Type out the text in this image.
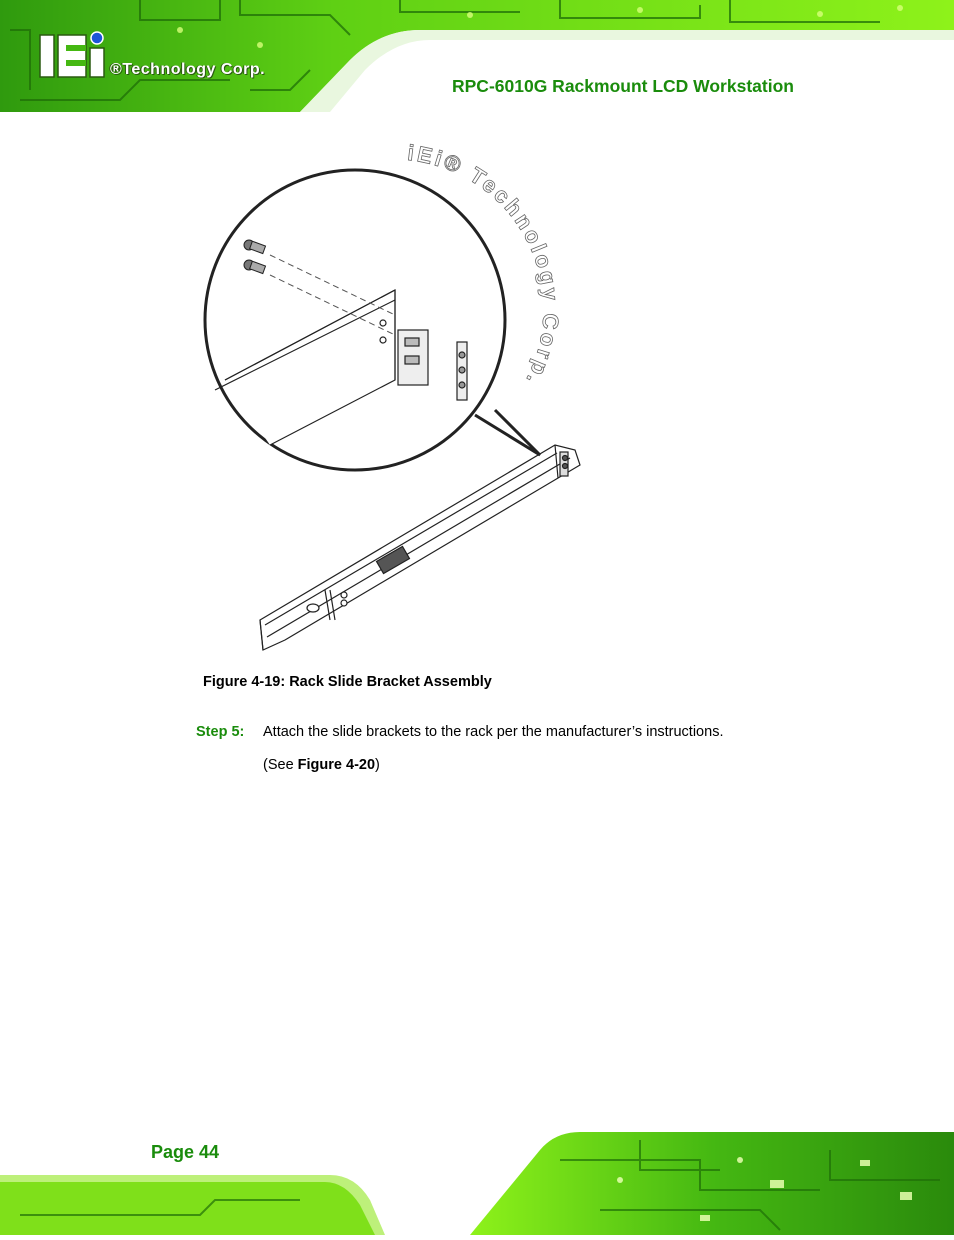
®Technology Corp.
RPC-6010G Rackmount LCD Workstation
iEi® Technology Corp.
Figure 4-19: Rack Slide Bracket Assembly
Step 5: Attach the slide brackets to the rack per the manufacturer’s instructions.
(See Figure 4-20)
Page 44
